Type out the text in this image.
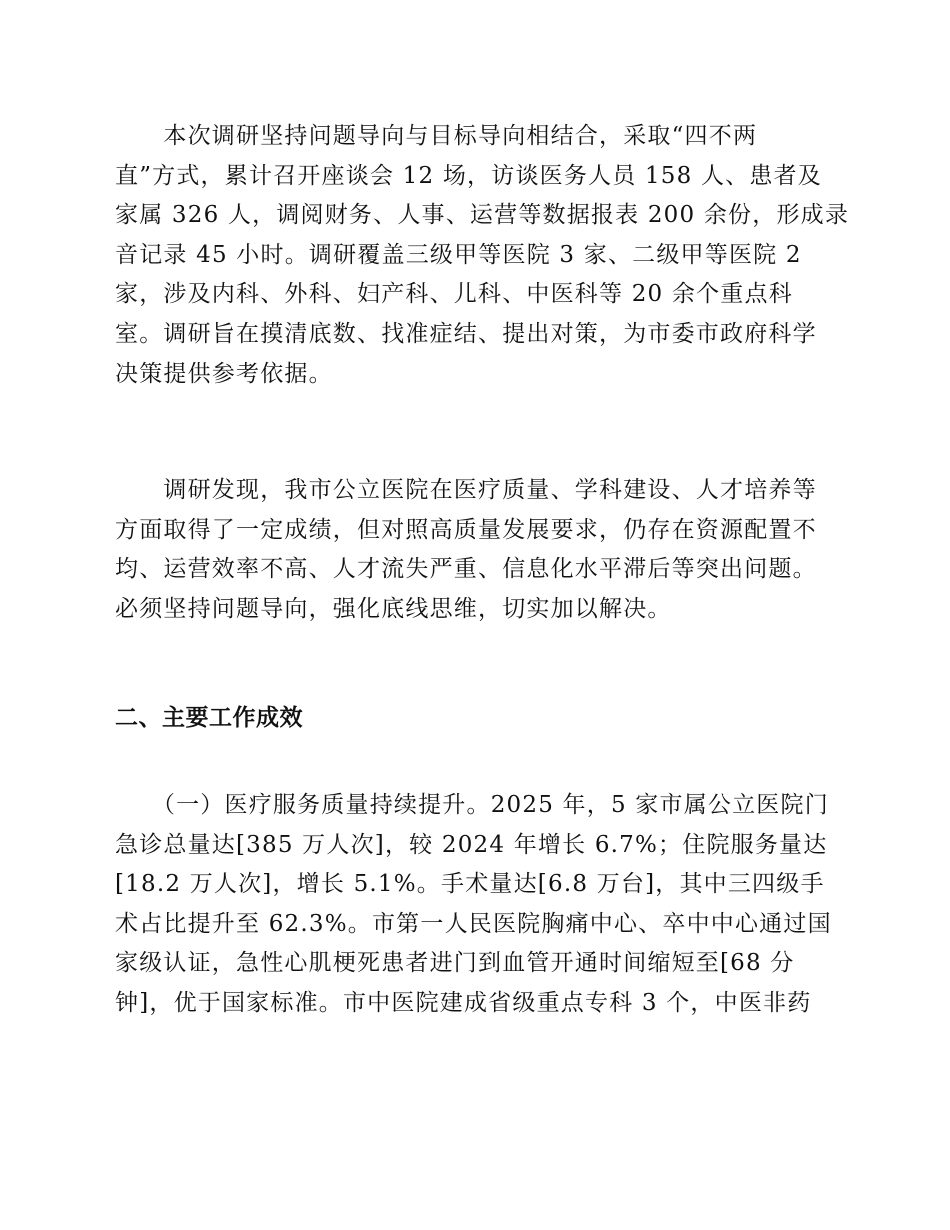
　　本次调研坚持问题导向与目标导向相结合，采取“四不两
直”方式，累计召开座谈会 12 场，访谈医务人员 158 人、患者及
家属 326 人，调阅财务、人事、运营等数据报表 200 余份，形成录
音记录 45 小时。调研覆盖三级甲等医院 3 家、二级甲等医院 2
家，涉及内科、外科、妇产科、儿科、中医科等 20 余个重点科
室。调研旨在摸清底数、找准症结、提出对策，为市委市政府科学
决策提供参考依据。
　　调研发现，我市公立医院在医疗质量、学科建设、人才培养等
方面取得了一定成绩，但对照高质量发展要求，仍存在资源配置不
均、运营效率不高、人才流失严重、信息化水平滞后等突出问题。
必须坚持问题导向，强化底线思维，切实加以解决。
二、主要工作成效
　　（一）医疗服务质量持续提升。2025 年，5 家市属公立医院门
急诊总量达[385 万人次]，较 2024 年增长 6.7%；住院服务量达
[18.2 万人次]，增长 5.1%。手术量达[6.8 万台]，其中三四级手
术占比提升至 62.3%。市第一人民医院胸痛中心、卒中中心通过国
家级认证，急性心肌梗死患者进门到血管开通时间缩短至[68 分
钟]，优于国家标准。市中医院建成省级重点专科 3 个，中医非药
